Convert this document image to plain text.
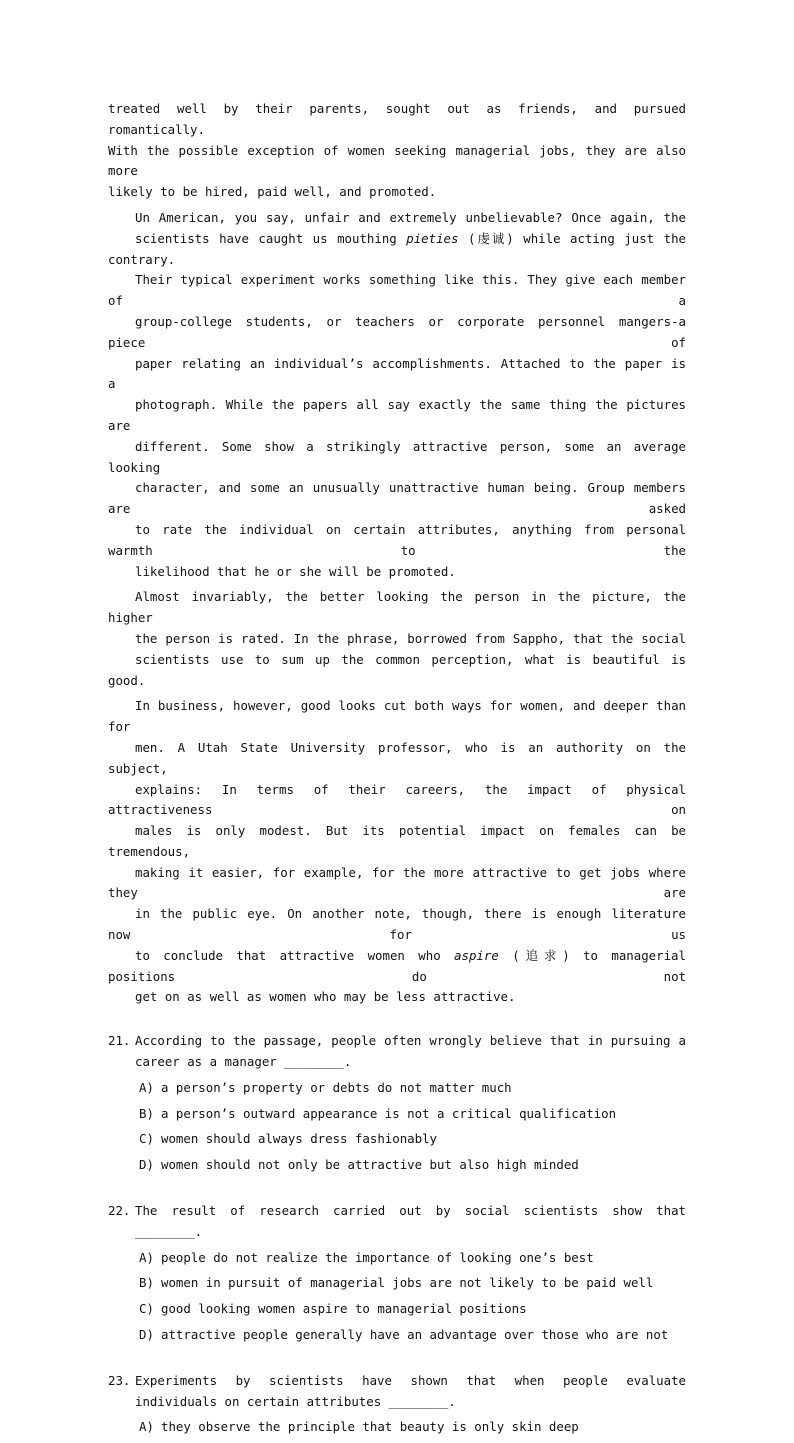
treated well by their parents, sought out as friends, and pursued romantically.
With the possible exception of women seeking managerial jobs, they are also more
likely to be hired, paid well, and promoted.
Un American, you say, unfair and extremely unbelievable? Once again, the
scientists have caught us mouthing pieties (虔诚) while acting just the contrary.
Their typical experiment works something like this. They give each member of a
group-college students, or teachers or corporate personnel mangers-a piece of
paper relating an individual’s accomplishments. Attached to the paper is a
photograph. While the papers all say exactly the same thing the pictures are
different. Some show a strikingly attractive person, some an average looking
character, and some an unusually unattractive human being. Group members are asked
to rate the individual on certain attributes, anything from personal warmth to the
likelihood that he or she will be promoted.
Almost invariably, the better looking the person in the picture, the higher
the person is rated. In the phrase, borrowed from Sappho, that the social
scientists use to sum up the common perception, what is beautiful is good.
In business, however, good looks cut both ways for women, and deeper than for
men. A Utah State University professor, who is an authority on the subject,
explains: In terms of their careers, the impact of physical attractiveness on
males is only modest. But its potential impact on females can be tremendous,
making it easier, for example, for the more attractive to get jobs where they are
in the public eye. On another note, though, there is enough literature now for us
to conclude that attractive women who aspire (追求) to managerial positions do not
get on as well as women who may be less attractive.
21. According to the passage, people often wrongly believe that in pursuing a career as a manager ________.
A) a person’s property or debts do not matter much
B) a person’s outward appearance is not a critical qualification
C) women should always dress fashionably
D) women should not only be attractive but also high minded
22. The result of research carried out by social scientists show that ________.
A) people do not realize the importance of looking one’s best
B) women in pursuit of managerial jobs are not likely to be paid well
C) good looking women aspire to managerial positions
D) attractive people generally have an advantage over those who are not
23. Experiments by scientists have shown that when people evaluate individuals on certain attributes ________.
A) they observe the principle that beauty is only skin deep
